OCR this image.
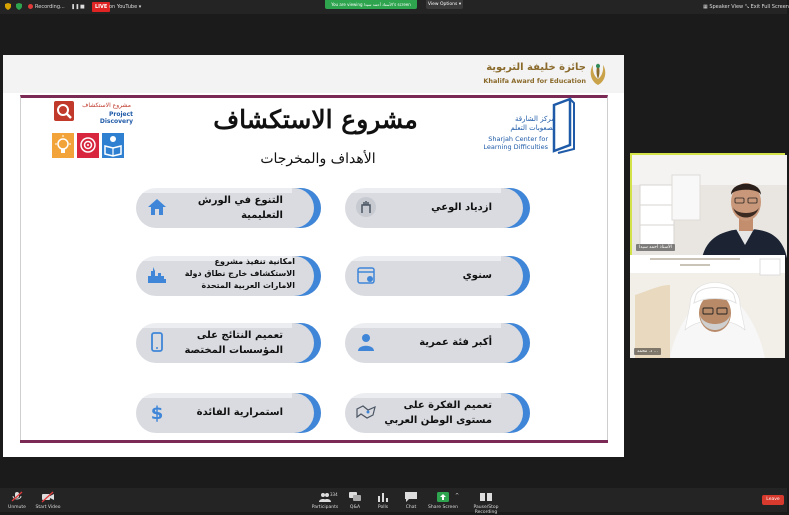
Recording... ❚❚ ■	LIVE on YouTube ▾	You are viewing الأستاذ أحمد سيدا's screen	View Options ▾	▦ Speaker View ⤡ Exit Full Screen
جائزة خليفة التربوية
Khalifa Award for Education
مشروع الاستكشاف
Project Discovery	مشروع الاستكشاف
الأهداف والمخرجات
مركز الشارقة
لصعوبات التعلم
Sharjah Center for
Learning Difficulties
ازدياد الوعي
سنوي
أكبر فئة عمرية
تعميم الفكرة على
مستوى الوطن العربي
التنوع في الورش
التعليمية
امكانية تنفيذ مشروع
الاستكشاف خارج نطاق دولة
الامارات العربية المتحدة
تعميم النتائج على
المؤسسات المختصة
$	استمرارية الفائدة
الأستاذ أحمد سيدا
د. محمد ...
Unmute	Start Video	Participants
334
Q&A	Polls	Chat	Share Screen
^
Pause/Stop Recording
Leave
